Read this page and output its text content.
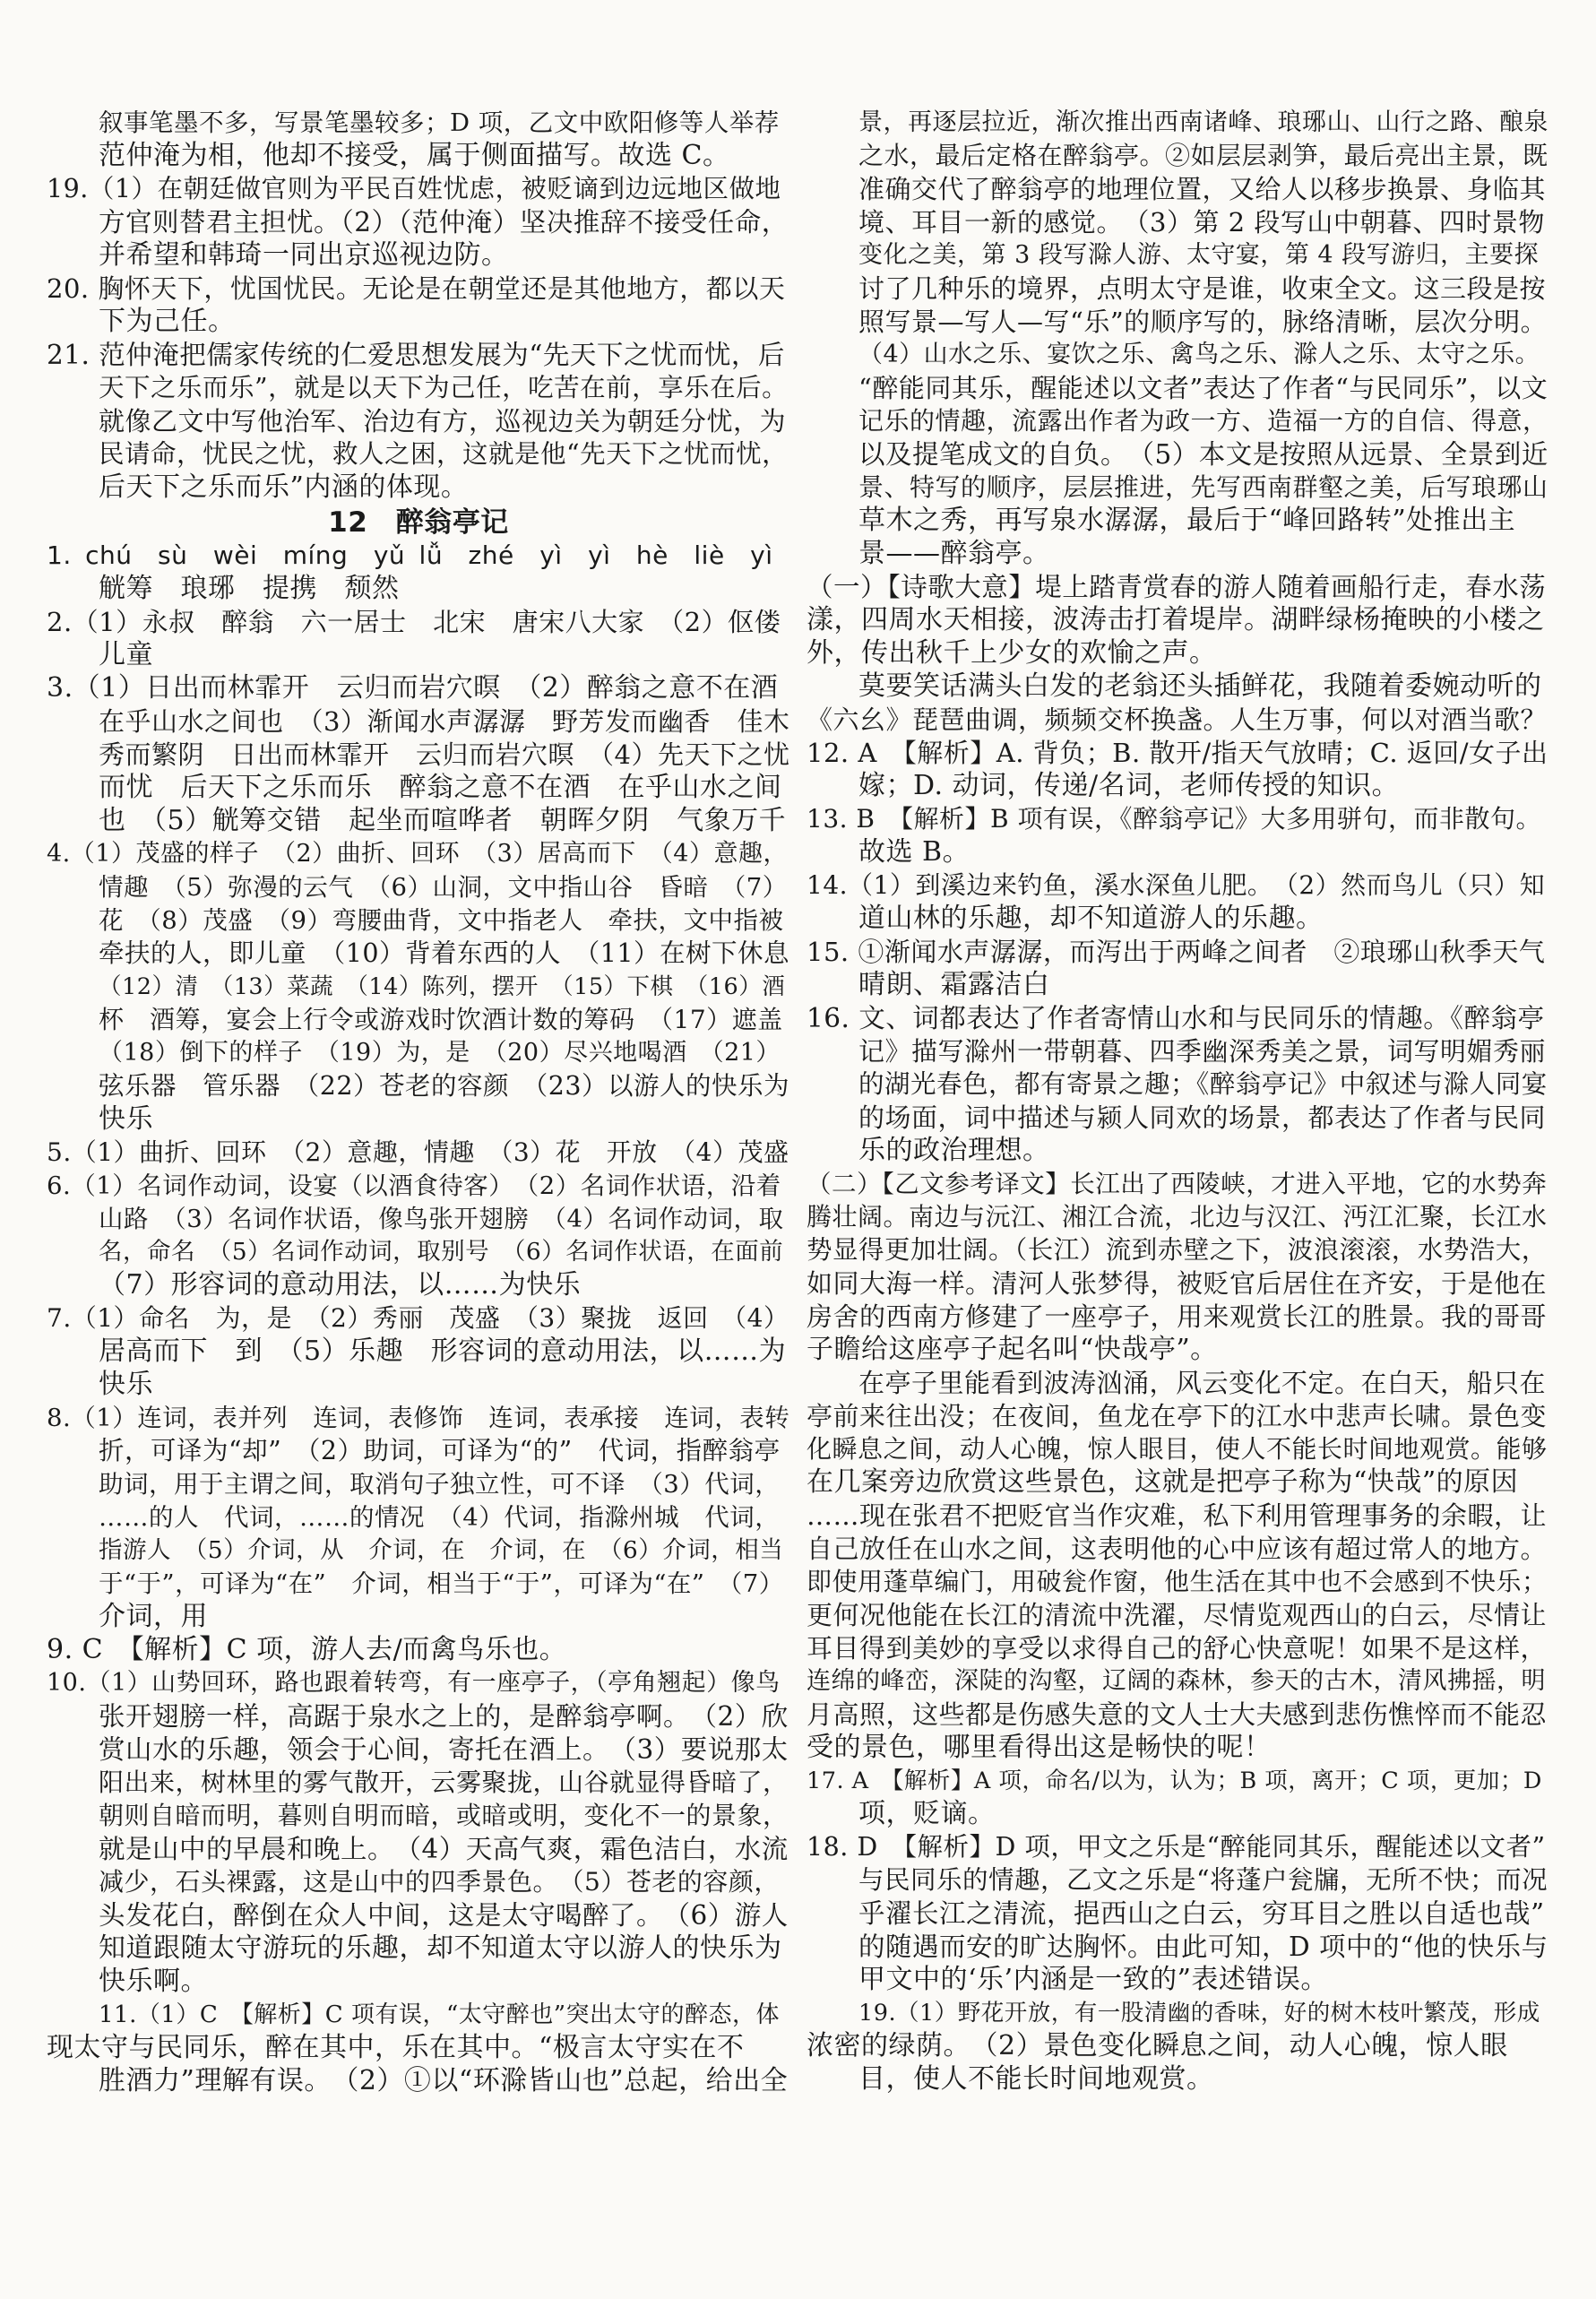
叙事笔墨不多，写景笔墨较多；D 项，乙文中欧阳修等人举荐
范仲淹为相，他却不接受，属于侧面描写。故选 C。
19.（1）在朝廷做官则为平民百姓忧虑，被贬谪到边远地区做地
方官则替君主担忧。（2）（范仲淹）坚决推辞不接受任命，
并希望和韩琦一同出京巡视边防。
20. 胸怀天下，忧国忧民。无论是在朝堂还是其他地方，都以天
下为己任。
21. 范仲淹把儒家传统的仁爱思想发展为“先天下之忧而忧，后
天下之乐而乐”，就是以天下为己任，吃苦在前，享乐在后。
就像乙文中写他治军、治边有方，巡视边关为朝廷分忧，为
民请命，忧民之忧，救人之困，这就是他“先天下之忧而忧，
后天下之乐而乐”内涵的体现。
12　醉翁亭记
1. chú　sù　wèi　míng　yǔ lǚ　zhé　yì　yì　hè　liè　yì
觥筹　琅琊　提携　颓然
2.（1）永叔　醉翁　六一居士　北宋　唐宋八大家　（2）伛偻
儿童
3.（1）日出而林霏开　云归而岩穴暝　（2）醉翁之意不在酒
在乎山水之间也　（3）渐闻水声潺潺　野芳发而幽香　佳木
秀而繁阴　日出而林霏开　云归而岩穴暝　（4）先天下之忧
而忧　后天下之乐而乐　醉翁之意不在酒　在乎山水之间
也　（5）觥筹交错　起坐而喧哗者　朝晖夕阴　气象万千
4.（1）茂盛的样子　（2）曲折、回环　（3）居高而下　（4）意趣，
情趣　（5）弥漫的云气　（6）山洞，文中指山谷　昏暗　（7）
花　（8）茂盛　（9）弯腰曲背，文中指老人　牵扶，文中指被
牵扶的人，即儿童　（10）背着东西的人　（11）在树下休息
（12）清　（13）菜蔬　（14）陈列，摆开　（15）下棋　（16）酒
杯　酒筹，宴会上行令或游戏时饮酒计数的筹码　（17）遮盖
（18）倒下的样子　（19）为，是　（20）尽兴地喝酒　（21）
弦乐器　管乐器　（22）苍老的容颜　（23）以游人的快乐为
快乐
5.（1）曲折、回环　（2）意趣，情趣　（3）花　开放　（4）茂盛
6.（1）名词作动词，设宴（以酒食待客）　（2）名词作状语，沿着
山路　（3）名词作状语，像鸟张开翅膀　（4）名词作动词，取
名，命名　（5）名词作动词，取别号　（6）名词作状语，在面前
（7）形容词的意动用法，以……为快乐
7.（1）命名　为，是　（2）秀丽　茂盛　（3）聚拢　返回　（4）
居高而下　到　（5）乐趣　形容词的意动用法，以……为
快乐
8.（1）连词，表并列　连词，表修饰　连词，表承接　连词，表转
折，可译为“却”　（2）助词，可译为“的”　代词，指醉翁亭
助词，用于主谓之间，取消句子独立性，可不译　（3）代词，
……的人　代词，……的情况　（4）代词，指滁州城　代词，
指游人　（5）介词，从　介词，在　介词，在　（6）介词，相当
于“于”，可译为“在”　介词，相当于“于”，可译为“在”　（7）
介词，用
9. C　【解析】C 项，游人去/而禽鸟乐也。
10.（1）山势回环，路也跟着转弯，有一座亭子，（亭角翘起）像鸟
张开翅膀一样，高踞于泉水之上的，是醉翁亭啊。　（2）欣
赏山水的乐趣，领会于心间，寄托在酒上。　（3）要说那太
阳出来，树林里的雾气散开，云雾聚拢，山谷就显得昏暗了，
朝则自暗而明，暮则自明而暗，或暗或明，变化不一的景象，
就是山中的早晨和晚上。　（4）天高气爽，霜色洁白，水流
减少，石头裸露，这是山中的四季景色。　（5）苍老的容颜，
头发花白，醉倒在众人中间，这是太守喝醉了。　（6）游人
知道跟随太守游玩的乐趣，却不知道太守以游人的快乐为
快乐啊。
11.（1）C　【解析】C 项有误，“太守醉也”突出太守的醉态，体
现太守与民同乐，醉在其中，乐在其中。“极言太守实在不
胜酒力”理解有误。　（2）①以“环滁皆山也”总起，给出全
景，再逐层拉近，渐次推出西南诸峰、琅琊山、山行之路、酿泉
之水，最后定格在醉翁亭。②如层层剥笋，最后亮出主景，既
准确交代了醉翁亭的地理位置，又给人以移步换景、身临其
境、耳目一新的感觉。　（3）第 2 段写山中朝暮、四时景物
变化之美，第 3 段写滁人游、太守宴，第 4 段写游归，主要探
讨了几种乐的境界，点明太守是谁，收束全文。这三段是按
照写景—写人—写“乐”的顺序写的，脉络清晰，层次分明。
（4）山水之乐、宴饮之乐、禽鸟之乐、滁人之乐、太守之乐。
“醉能同其乐，醒能述以文者”表达了作者“与民同乐”，以文
记乐的情趣，流露出作者为政一方、造福一方的自信、得意，
以及提笔成文的自负。　（5）本文是按照从远景、全景到近
景、特写的顺序，层层推进，先写西南群壑之美，后写琅琊山
草木之秀，再写泉水潺潺，最后于“峰回路转”处推出主
景——醉翁亭。
（一）【诗歌大意】堤上踏青赏春的游人随着画船行走，春水荡
漾，四周水天相接，波涛击打着堤岸。湖畔绿杨掩映的小楼之
外，传出秋千上少女的欢愉之声。
莫要笑话满头白发的老翁还头插鲜花，我随着委婉动听的
《六幺》琵琶曲调，频频交杯换盏。人生万事，何以对酒当歌？
12. A　【解析】A. 背负；B. 散开/指天气放晴；C. 返回/女子出
嫁；D. 动词，传递/名词，老师传授的知识。
13. B　【解析】B 项有误，《醉翁亭记》大多用骈句，而非散句。
故选 B。
14.（1）到溪边来钓鱼，溪水深鱼儿肥。　（2）然而鸟儿（只）知
道山林的乐趣，却不知道游人的乐趣。
15. ①渐闻水声潺潺，而泻出于两峰之间者　②琅琊山秋季天气
晴朗、霜露洁白
16. 文、词都表达了作者寄情山水和与民同乐的情趣。《醉翁亭
记》描写滁州一带朝暮、四季幽深秀美之景，词写明媚秀丽
的湖光春色，都有寄景之趣；《醉翁亭记》中叙述与滁人同宴
的场面，词中描述与颍人同欢的场景，都表达了作者与民同
乐的政治理想。
（二）【乙文参考译文】长江出了西陵峡，才进入平地，它的水势奔
腾壮阔。南边与沅江、湘江合流，北边与汉江、沔江汇聚，长江水
势显得更加壮阔。（长江）流到赤壁之下，波浪滚滚，水势浩大，
如同大海一样。清河人张梦得，被贬官后居住在齐安，于是他在
房舍的西南方修建了一座亭子，用来观赏长江的胜景。我的哥哥
子瞻给这座亭子起名叫“快哉亭”。
在亭子里能看到波涛汹涌，风云变化不定。在白天，船只在
亭前来往出没；在夜间，鱼龙在亭下的江水中悲声长啸。景色变
化瞬息之间，动人心魄，惊人眼目，使人不能长时间地观赏。能够
在几案旁边欣赏这些景色，这就是把亭子称为“快哉”的原因
……现在张君不把贬官当作灾难，私下利用管理事务的余暇，让
自己放任在山水之间，这表明他的心中应该有超过常人的地方。
即使用蓬草编门，用破瓮作窗，他生活在其中也不会感到不快乐；
更何况他能在长江的清流中洗濯，尽情览观西山的白云，尽情让
耳目得到美妙的享受以求得自己的舒心快意呢！如果不是这样，
连绵的峰峦，深陡的沟壑，辽阔的森林，参天的古木，清风拂摇，明
月高照，这些都是伤感失意的文人士大夫感到悲伤憔悴而不能忍
受的景色，哪里看得出这是畅快的呢！
17. A　【解析】A 项，命名/以为，认为；B 项，离开；C 项，更加；D
项，贬谪。
18. D　【解析】D 项，甲文之乐是“醉能同其乐，醒能述以文者”
与民同乐的情趣，乙文之乐是“将蓬户瓮牖，无所不快；而况
乎濯长江之清流，挹西山之白云，穷耳目之胜以自适也哉”
的随遇而安的旷达胸怀。由此可知，D 项中的“他的快乐与
甲文中的‘乐’内涵是一致的”表述错误。
19.（1）野花开放，有一股清幽的香味，好的树木枝叶繁茂，形成
浓密的绿荫。　（2）景色变化瞬息之间，动人心魄，惊人眼
目，使人不能长时间地观赏。
